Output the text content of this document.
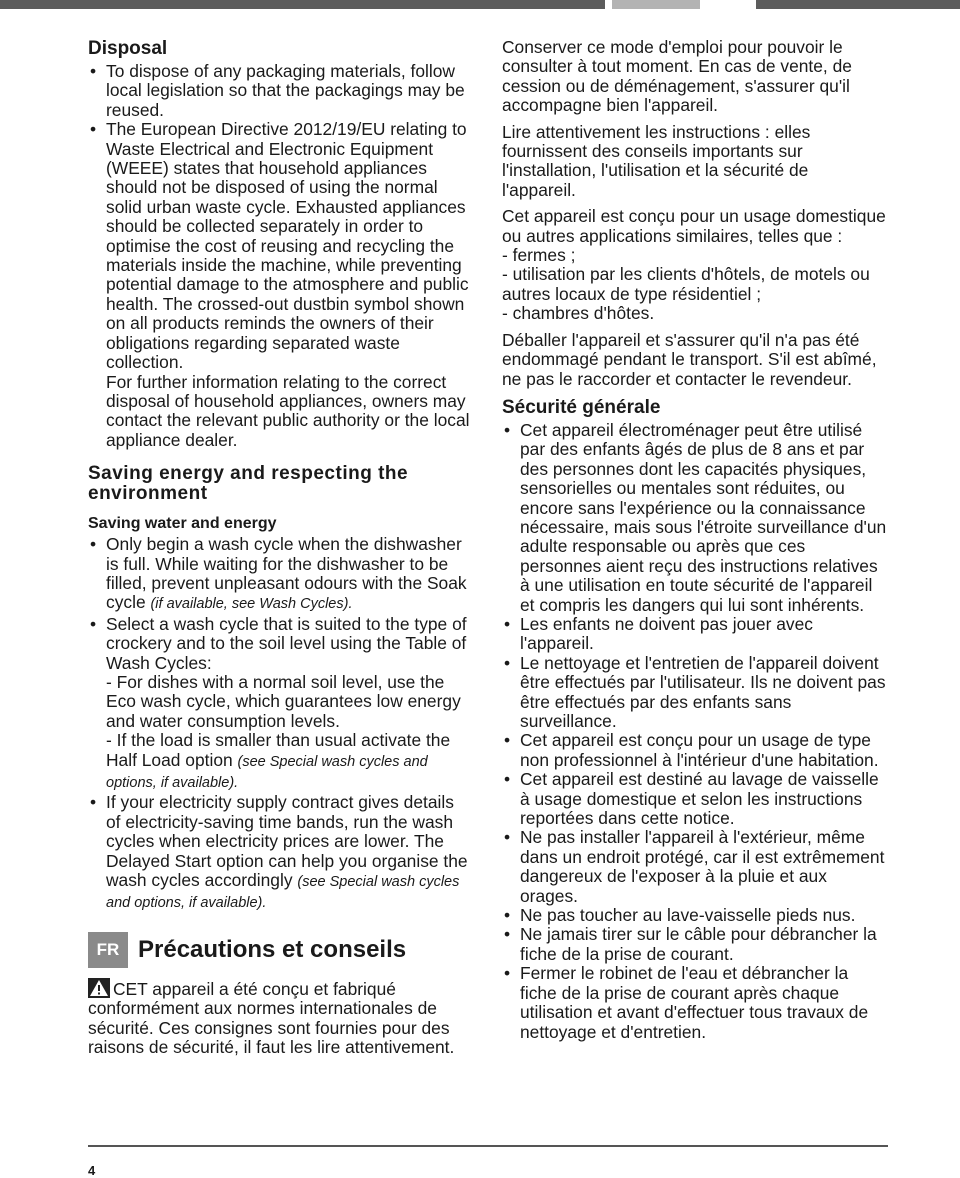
Disposal

• To dispose of any packaging materials, follow local legislation so that the packagings may be reused.

• The European Directive 2012/19/EU relating to Waste Electrical and Electronic Equipment (WEEE) states that household appliances should not be disposed of using the normal solid urban waste cycle. Exhausted appliances should be collected separately in order to optimise the cost of reusing and recycling the materials inside the machine, while preventing potential damage to the atmosphere and public health. The crossed-out dustbin symbol shown on all products reminds the owners of their obligations regarding separated waste collection.

For further information relating to the correct disposal of household appliances, owners may contact the relevant public authority or the local appliance dealer.

Saving energy and respecting the environment
Saving water and energy

• Only begin a wash cycle when the dishwasher is full. While waiting for the dishwasher to be filled, prevent unpleasant odours with the Soak cycle (if available, see Wash Cycles).

• Select a wash cycle that is suited to the type of crockery and to the soil level using the Table of Wash Cycles:
- For dishes with a normal soil level, use the Eco wash cycle, which guarantees low energy and water consumption levels.
- If the load is smaller than usual activate the Half Load option (see Special wash cycles and options, if available).

• If your electricity supply contract gives details of electricity-saving time bands, run the wash cycles when electricity prices are lower. The Delayed Start option can help you organise the wash cycles accordingly (see Special wash cycles and options, if available).

FR Précautions et conseils

CET appareil a été conçu et fabriqué conformément aux normes internationales de sécurité. Ces consignes sont fournies pour des raisons de sécurité, il faut les lire attentivement.

Conserver ce mode d'emploi pour pouvoir le consulter à tout moment. En cas de vente, de cession ou de déménagement, s'assurer qu'il accompagne bien l'appareil.

Lire attentivement les instructions : elles fournissent des conseils importants sur l'installation, l'utilisation et la sécurité de l'appareil.

Cet appareil est conçu pour un usage domestique ou autres applications similaires, telles que :
- fermes ;
- utilisation par les clients d'hôtels, de motels ou autres locaux de type résidentiel ;
- chambres d'hôtes.

Déballer l'appareil et s'assurer qu'il n'a pas été endommagé pendant le transport. S'il est abîmé, ne pas le raccorder et contacter le revendeur.

Sécurité générale

• Cet appareil électroménager peut être utilisé par des enfants âgés de plus de 8 ans et par des personnes dont les capacités physiques, sensorielles ou mentales sont réduites, ou encore sans l'expérience ou la connaissance nécessaire, mais sous l'étroite surveillance d'un adulte responsable ou après que ces personnes aient reçu des instructions relatives à une utilisation en toute sécurité de l'appareil et compris les dangers qui lui sont inhérents.

• Les enfants ne doivent pas jouer avec l'appareil.

• Le nettoyage et l'entretien de l'appareil doivent être effectués par l'utilisateur. Ils ne doivent pas être effectués par des enfants sans surveillance.

• Cet appareil est conçu pour un usage de type non professionnel à l'intérieur d'une habitation.

• Cet appareil est destiné au lavage de vaisselle à usage domestique et selon les instructions reportées dans cette notice.

• Ne pas installer l'appareil à l'extérieur, même dans un endroit protégé, car il est extrêmement dangereux de l'exposer à la pluie et aux orages.

• Ne pas toucher au lave-vaisselle pieds nus.

• Ne jamais tirer sur le câble pour débrancher la fiche de la prise de courant.

• Fermer le robinet de l'eau et débrancher la fiche de la prise de courant après chaque utilisation et avant d'effectuer tous travaux de nettoyage et d'entretien.

4
